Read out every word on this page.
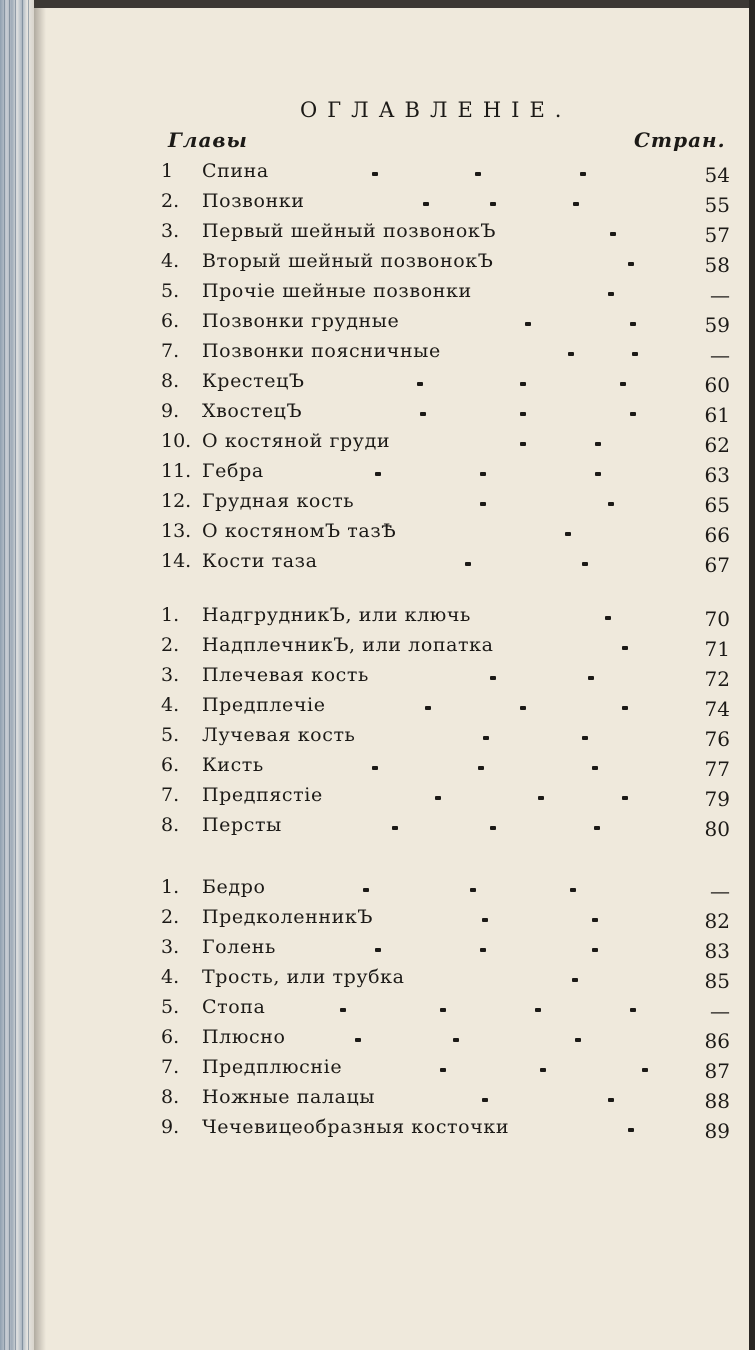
ОГЛАВЛЕНІЕ.
Главы	Стран.
1 Спина	54
2. Позвонки	55
3. Первый шейный позвонокЪ	57
4. Вторый шейный позвонокЪ	58
5. Прочіе шейные позвонки	—
6. Позвонки грудные	59
7. Позвонки поясничные	—
8. КрестецЪ	60
9. ХвостецЪ	61
10. О костяной груди	62
11. Гебра	63
12. Грудная кость	65
13. О костяномЪ тазѢ	66
14. Кости таза	67
1. НадгрудникЪ, или ключь	70
2. НадплечникЪ, или лопатка	71
3. Плечевая кость	72
4. Предплечіе	74
5. Лучевая кость	76
6. Кисть	77
7. Предпястіе	79
8. Персты	80
1. Бедро	—
2. ПредколенникЪ	82
3. Голень	83
4. Трость, или трубка	85
5. Стопа	—
6. Плюсно	86
7. Предплюсніе	87
8. Ножные палацы	88
9. Чечевицеобразныя косточки	89
